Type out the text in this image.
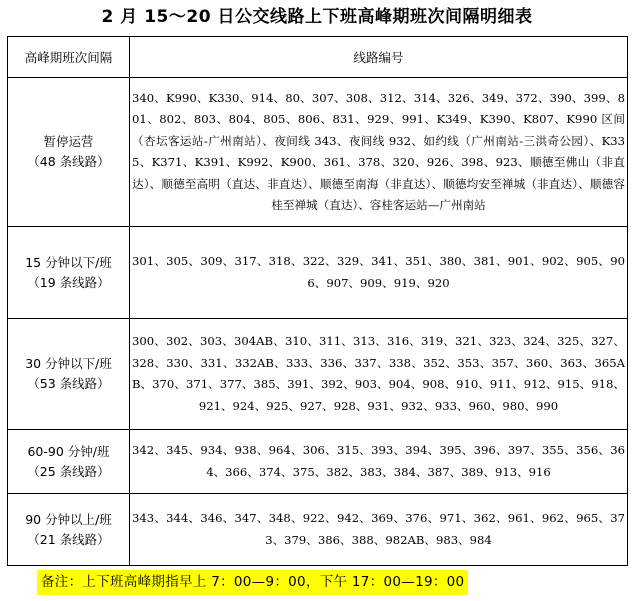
2 月 15～20 日公交线路上下班高峰期班次间隔明细表
高峰期班次间隔	线路编号

暂停运营
（48 条线路）	340、K990、K330、914、80、307、308、312、314、326、349、372、390、399、801、802、803、804、805、806、831、929、991、K349、K390、K807、K990 区间（杏坛客运站-广州南站）、夜间线 343、夜间线 932、如约线（广州南站-三洪奇公园）、K335、K371、K391、K992、K900、361、378、320、926、398、923、顺德至佛山（非直达）、顺德至高明（直达、非直达）、顺德至南海（非直达）、顺德均安至禅城（非直达）、顺德容桂至禅城（直达）、容桂客运站—广州南站

15 分钟以下/班
（19 条线路）	301、305、309、317、318、322、329、341、351、380、381、901、902、905、906、907、909、919、920

30 分钟以下/班
（53 条线路）	300、302、303、304AB、310、311、313、316、319、321、323、324、325、327、328、330、331、332AB、333、336、337、338、352、353、357、360、363、365AB、370、371、377、385、391、392、903、904、908、910、911、912、915、918、921、924、925、927、928、931、932、933、960、980、990

60-90 分钟/班
（25 条线路）	342、345、934、938、964、306、315、393、394、395、396、397、355、356、364、366、374、375、382、383、384、387、389、913、916

90 分钟以上/班
（21 条线路）	343、344、346、347、348、922、942、369、376、971、362、961、962、965、373、379、386、388、982AB、983、984
备注：上下班高峰期指早上 7：00—9：00，下午 17：00—19：00
